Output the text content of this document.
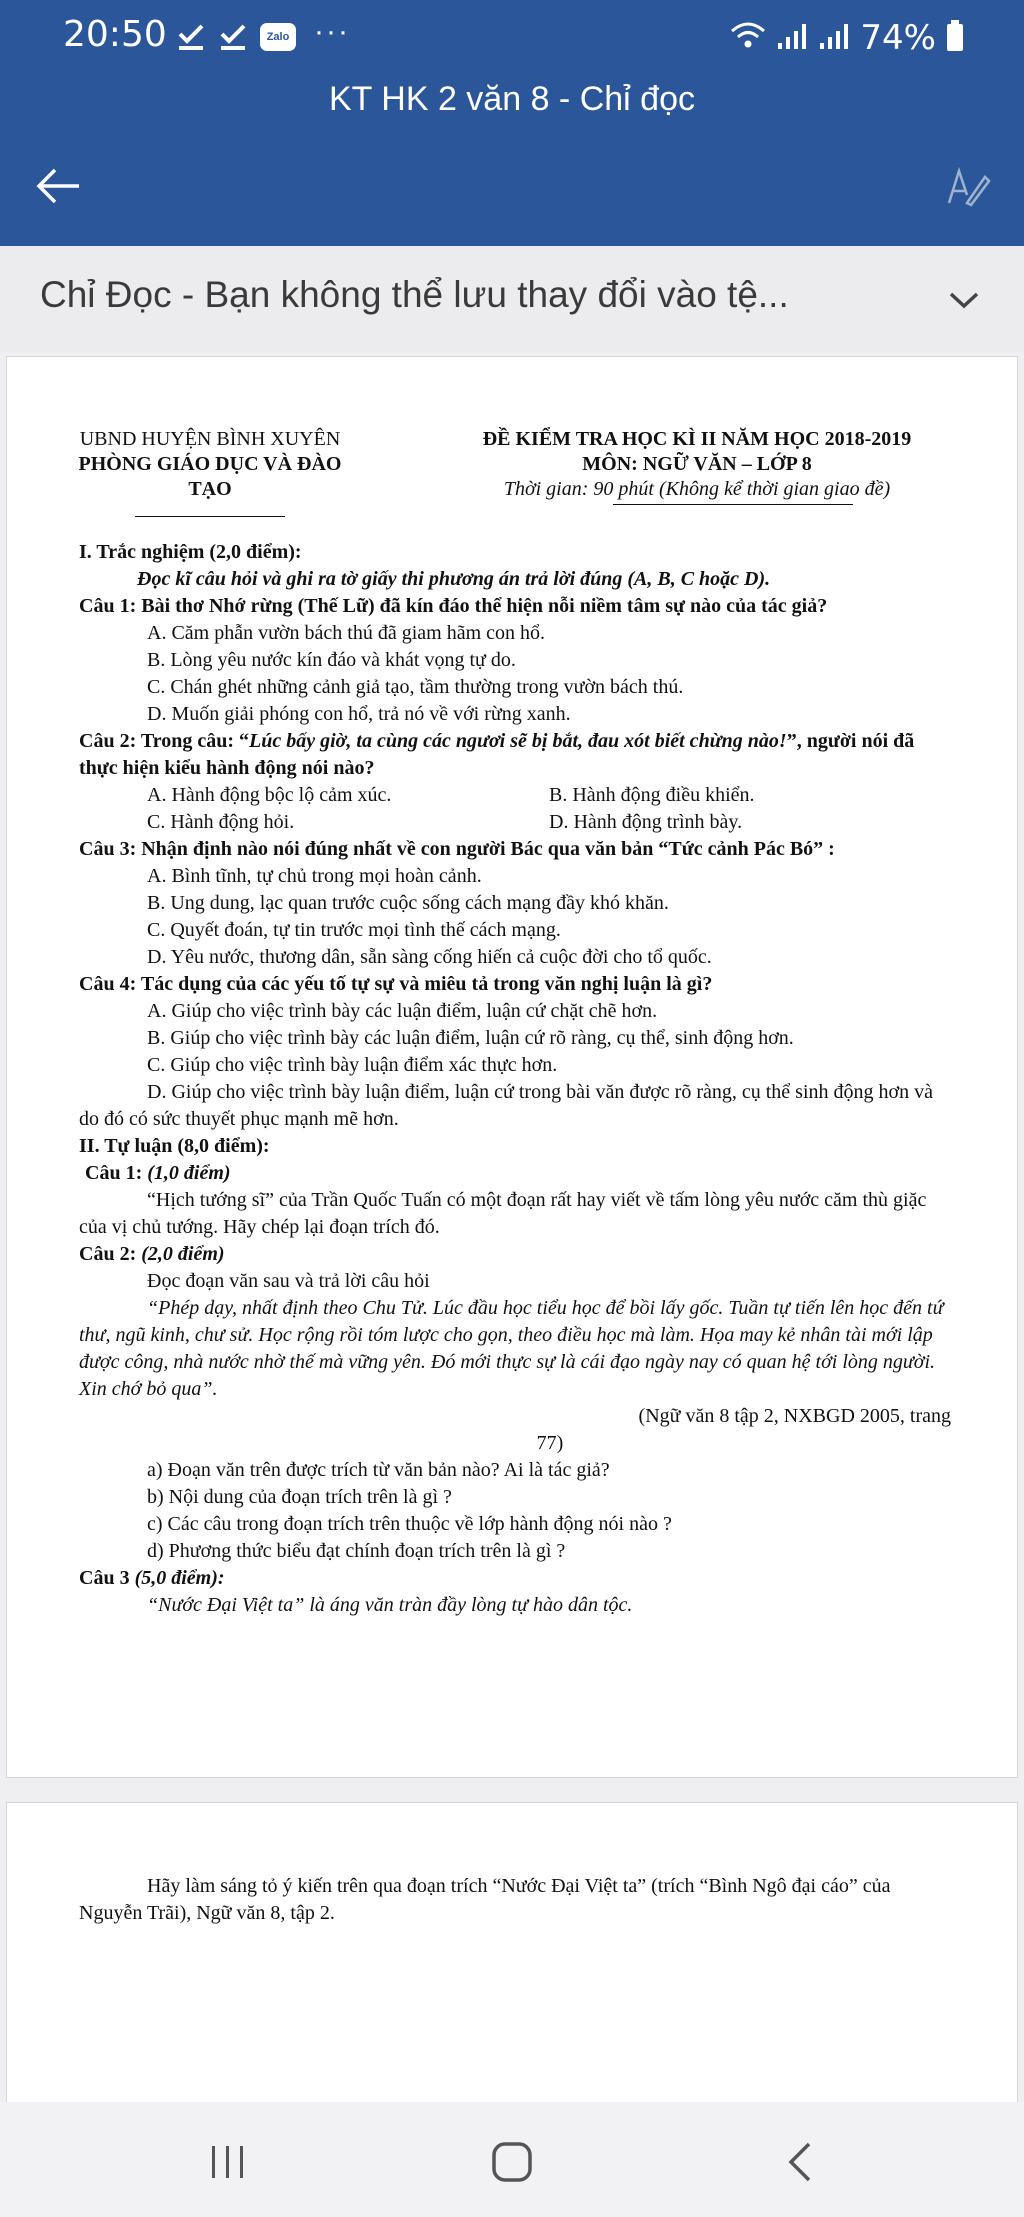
20:50	Zalo ···	74%
KT HK 2 văn 8 - Chỉ đọc
Chỉ Đọc - Bạn không thể lưu thay đổi vào tệ...
UBND HUYỆN BÌNH XUYÊN
PHÒNG GIÁO DỤC VÀ ĐÀO
TẠO
ĐỀ KIỂM TRA HỌC KÌ II NĂM HỌC 2018-2019
MÔN: NGỮ VĂN – LỚP 8
Thời gian: 90 phút (Không kể thời gian giao đề)

I. Trắc nghiệm (2,0 điểm):

Đọc kĩ câu hỏi và ghi ra tờ giấy thi phương án trả lời đúng (A, B, C hoặc D).

Câu 1: Bài thơ Nhớ rừng (Thế Lữ) đã kín đáo thể hiện nỗi niềm tâm sự nào của tác giả?

A. Căm phẫn vườn bách thú đã giam hãm con hổ.

B. Lòng yêu nước kín đáo và khát vọng tự do.

C. Chán ghét những cảnh giả tạo, tầm thường trong vườn bách thú.

D. Muốn giải phóng con hổ, trả nó về với rừng xanh.

Câu 2: Trong câu: “Lúc bấy giờ, ta cùng các ngươi sẽ bị bắt, đau xót biết chừng nào!”, người nói đã thực hiện kiểu hành động nói nào?

A. Hành động bộc lộ cảm xúc.	B. Hành động điều khiển.
C. Hành động hỏi.	D. Hành động trình bày.

Câu 3: Nhận định nào nói đúng nhất về con người Bác qua văn bản “Tức cảnh Pác Bó” :

A. Bình tĩnh, tự chủ trong mọi hoàn cảnh.

B. Ung dung, lạc quan trước cuộc sống cách mạng đầy khó khăn.

C. Quyết đoán, tự tin trước mọi tình thế cách mạng.

D. Yêu nước, thương dân, sẵn sàng cống hiến cả cuộc đời cho tổ quốc.

Câu 4: Tác dụng của các yếu tố tự sự và miêu tả trong văn nghị luận là gì?

A. Giúp cho việc trình bày các luận điểm, luận cứ chặt chẽ hơn.

B. Giúp cho việc trình bày các luận điểm, luận cứ rõ ràng, cụ thể, sinh động hơn.

C. Giúp cho việc trình bày luận điểm xác thực hơn.

D. Giúp cho việc trình bày luận điểm, luận cứ trong bài văn được rõ ràng, cụ thể sinh động hơn và do đó có sức thuyết phục mạnh mẽ hơn.

II. Tự luận (8,0 điểm):

Câu 1: (1,0 điểm)

“Hịch tướng sĩ” của Trần Quốc Tuấn có một đoạn rất hay viết về tấm lòng yêu nước căm thù giặc của vị chủ tướng. Hãy chép lại đoạn trích đó.

Câu 2: (2,0 điểm)

Đọc đoạn văn sau và trả lời câu hỏi

“Phép dạy, nhất định theo Chu Tử. Lúc đầu học tiểu học để bồi lấy gốc. Tuần tự tiến lên học đến tứ thư, ngũ kinh, chư sử. Học rộng rồi tóm lược cho gọn, theo điều học mà làm. Họa may kẻ nhân tài mới lập được công, nhà nước nhờ thế mà vững yên. Đó mới thực sự là cái đạo ngày nay có quan hệ tới lòng người. Xin chớ bỏ qua”.

(Ngữ văn 8 tập 2, NXBGD 2005, trang

77)

a) Đoạn văn trên được trích từ văn bản nào? Ai là tác giả?

b) Nội dung của đoạn trích trên là gì ?

c) Các câu trong đoạn trích trên thuộc về lớp hành động nói nào ?

d) Phương thức biểu đạt chính đoạn trích trên là gì ?

Câu 3 (5,0 điểm):

“Nước Đại Việt ta” là áng văn tràn đầy lòng tự hào dân tộc.

Hãy làm sáng tỏ ý kiến trên qua đoạn trích “Nước Đại Việt ta” (trích “Bình Ngô đại cáo” của Nguyễn Trãi), Ngữ văn 8, tập 2.
